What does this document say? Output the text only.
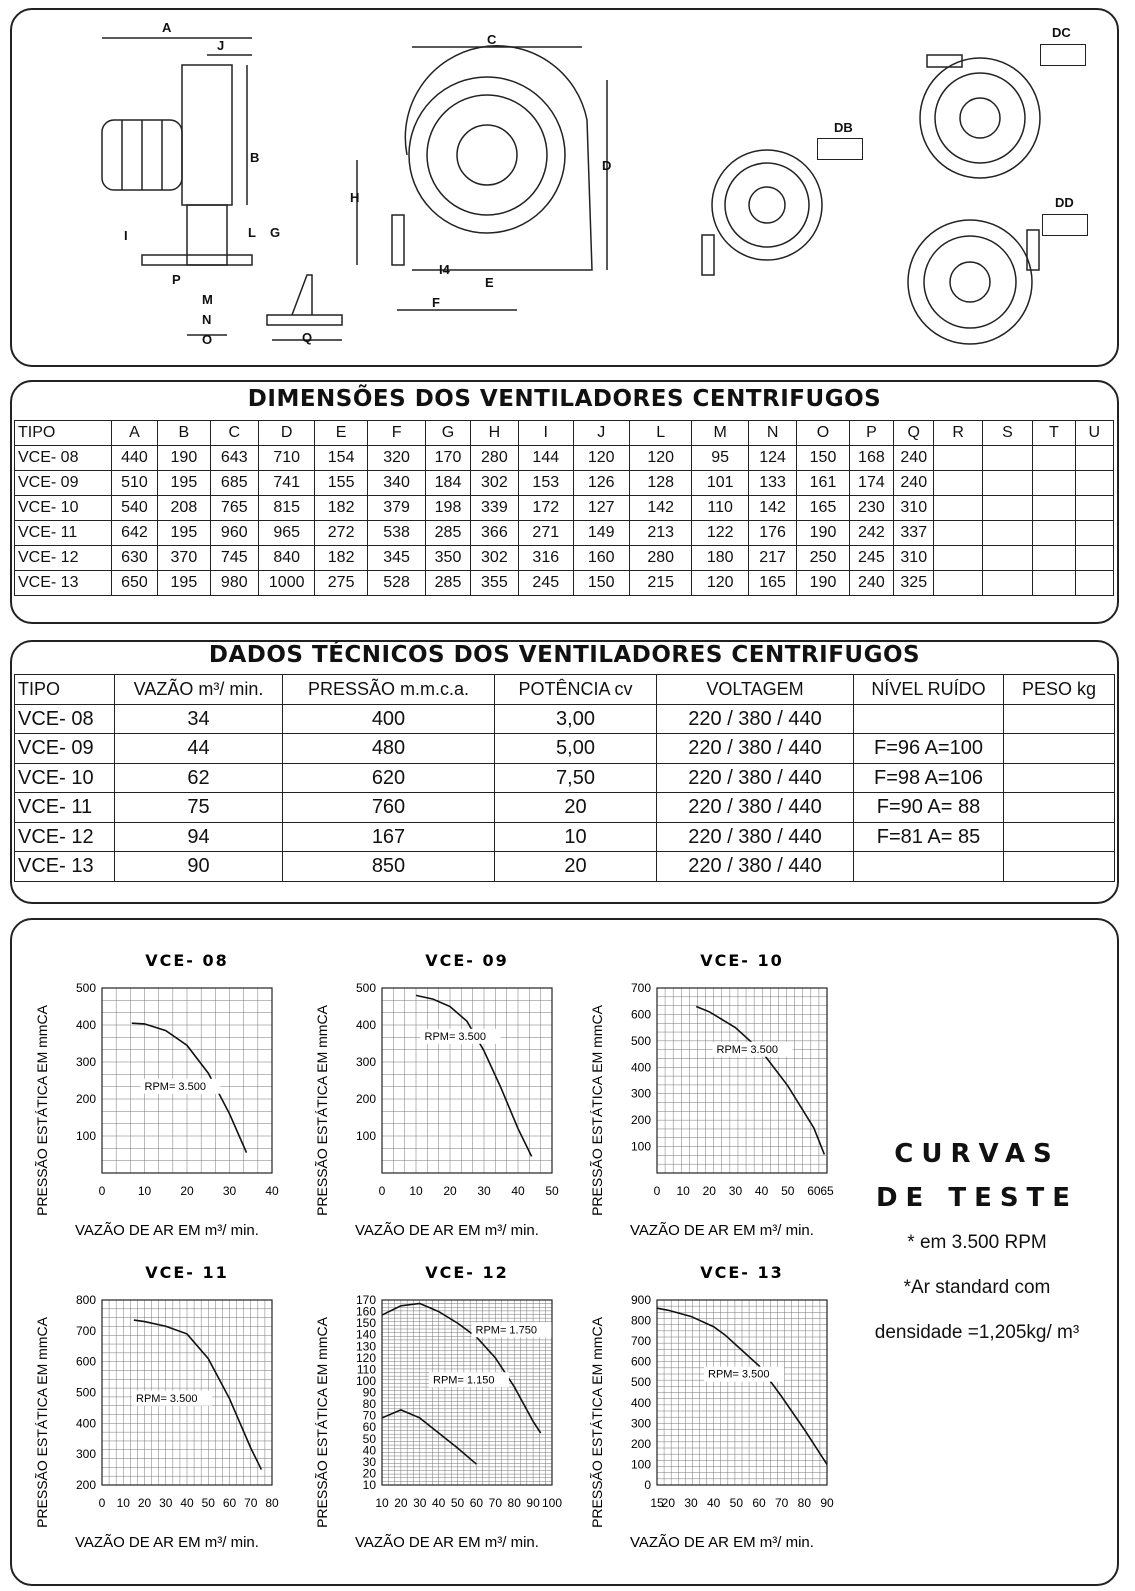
A
J
B
G
L
P
M
N
O
I
Q
C
D
H
I4
E
F
DB
DC
DD
DIMENSÕES DOS VENTILADORES CENTRIFUGOS
TIPO	A	B	C	D	E	F	G	H	I	J	L	M	N	O	P	Q	R	S	T	U
VCE- 08	440	190	643	710	154	320	170	280	144	120	120	95	124	150	168	240				
VCE- 09	510	195	685	741	155	340	184	302	153	126	128	101	133	161	174	240				
VCE- 10	540	208	765	815	182	379	198	339	172	127	142	110	142	165	230	310				
VCE- 11	642	195	960	965	272	538	285	366	271	149	213	122	176	190	242	337				
VCE- 12	630	370	745	840	182	345	350	302	316	160	280	180	217	250	245	310				
VCE- 13	650	195	980	1000	275	528	285	355	245	150	215	120	165	190	240	325				
DADOS TÉCNICOS DOS VENTILADORES CENTRIFUGOS
TIPO	VAZÃO m³/ min.	PRESSÃO m.m.c.a.	POTÊNCIA cv	VOLTAGEM	NÍVEL RUÍDO	PESO kg
VCE- 08	34	400	3,00	220 / 380 / 440		
VCE- 09	44	480	5,00	220 / 380 / 440	F=96 A=100	
VCE- 10	62	620	7,50	220 / 380 / 440	F=98 A=106	
VCE- 11	75	760	20	220 / 380 / 440	F=90 A= 88	
VCE- 12	94	167	10	220 / 380 / 440	F=81 A= 85	
VCE- 13	90	850	20	220 / 380 / 440		
VCE- 08
0	10 20 30 40
100
200
300
400
500
VAZÃO DE AR EM m³/ min.
PRESSÃO ESTÁTICA EM mmCA	RPM= 3.500
VCE- 09
0 10 20 30 40 50
100
200
300
400
500
VAZÃO DE AR EM m³/ min.
PRESSÃO ESTÁTICA EM mmCA	RPM= 3.500
VCE- 10
0 10 20 30 40 50 60 65
100
200
300
400
500
600
700
VAZÃO DE AR EM m³/ min.
PRESSÃO ESTÁTICA EM mmCA	RPM= 3.500
VCE- 11
0 10 20 30 40 50 60 70 80
200
300
400
500
600
700
800
VAZÃO DE AR EM m³/ min.
PRESSÃO ESTÁTICA EM mmCA	RPM= 3.500
VCE- 12
10 20 30 40 50 60 70 80 90 100
10
20
30
40
50
60
70
80
90
100
110
120
130
140
150
160
170
VAZÃO DE AR EM m³/ min.
PRESSÃO ESTÁTICA EM mmCA	RPM= 1.750
RPM= 1.150
VCE- 13
15
20 30 40 50 60 70 80 90
0
100
200
300
400
500
600
700
800
900
VAZÃO DE AR EM m³/ min.
PRESSÃO ESTÁTICA EM mmCA	RPM= 3.500
CURVAS
DE TESTE
* em 3.500 RPM
*Ar standard com
densidade =1,205kg/ m³
